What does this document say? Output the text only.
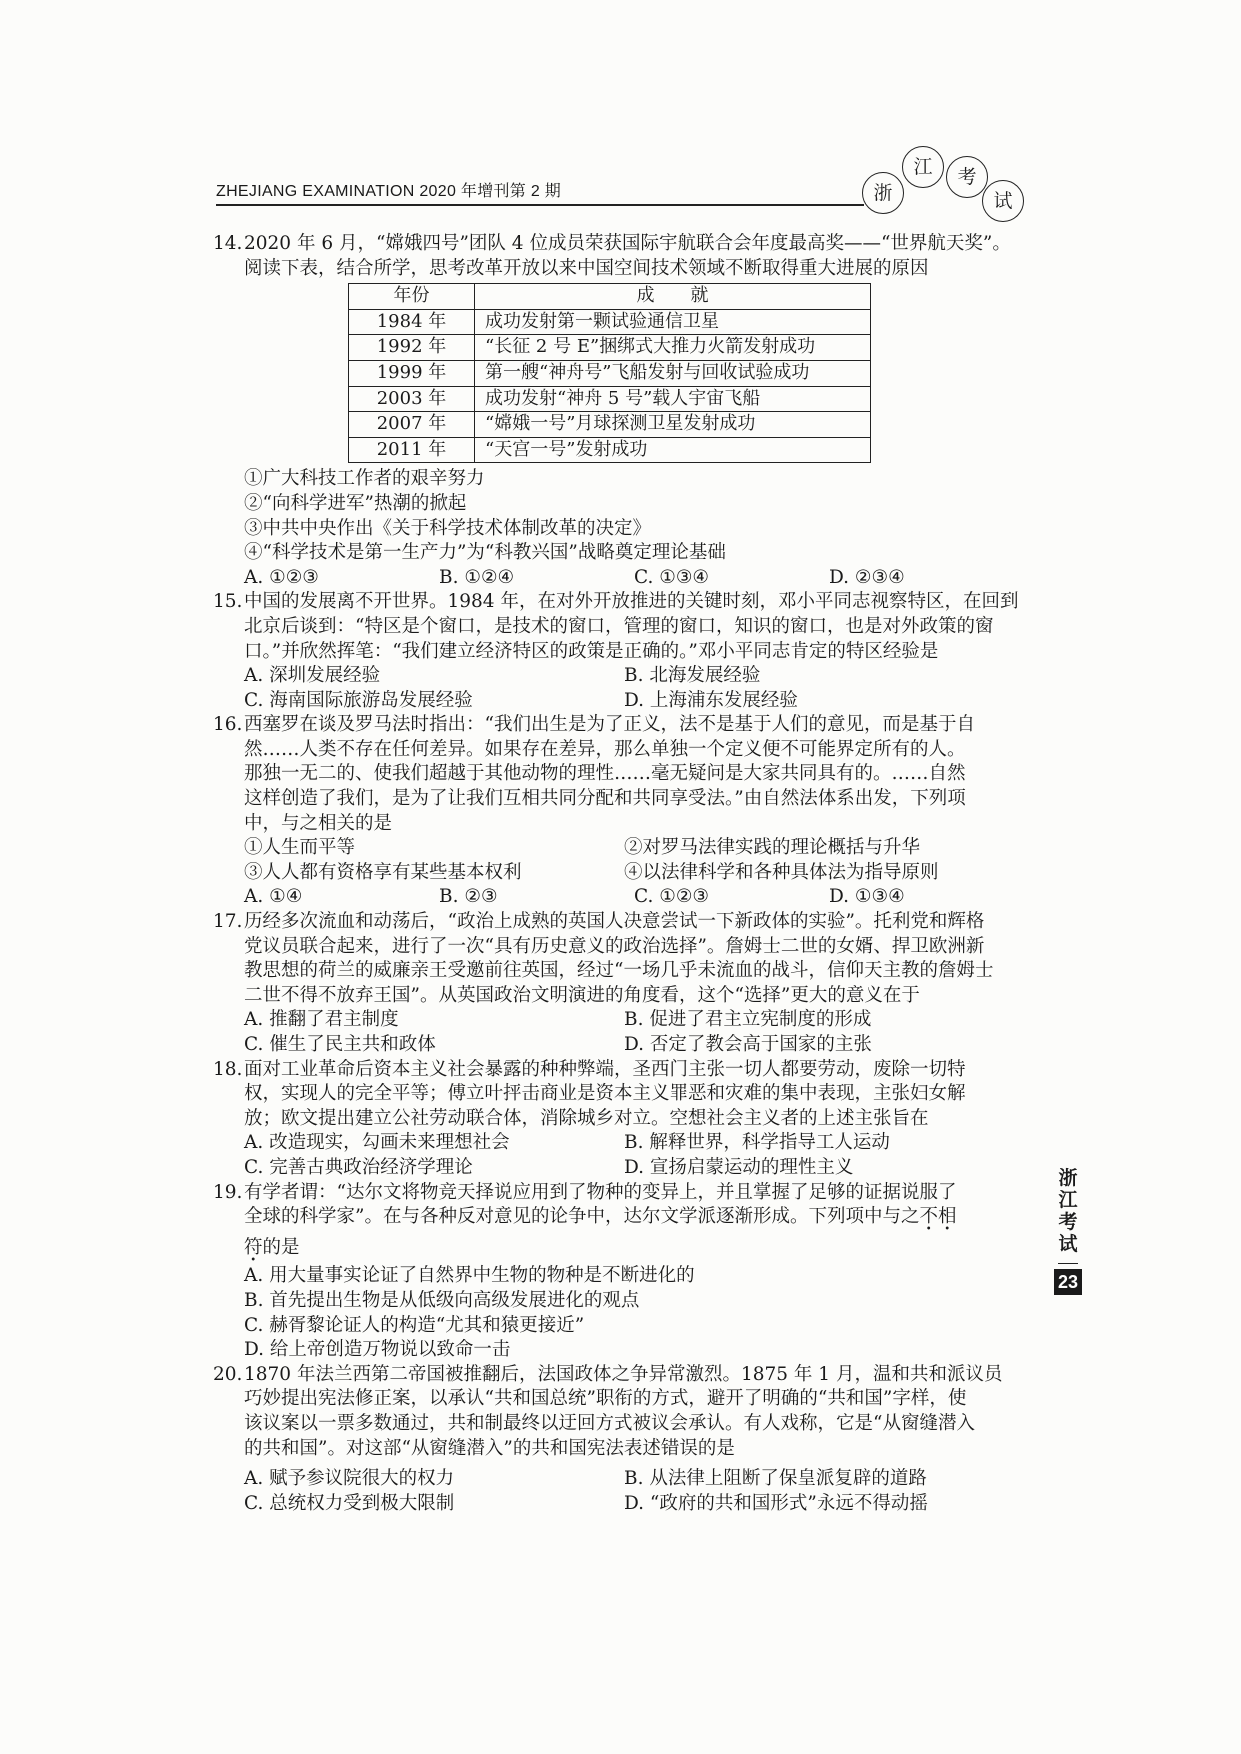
ZHEJIANG EXAMINATION 2020 年增刊第 2 期	浙
江	考
试
14. 2020 年 6 月，“嫦娥四号”团队 4 位成员荣获国际宇航联合会年度最高奖——“世界航天奖”。
阅读下表，结合所学，思考改革开放以来中国空间技术领域不断取得重大进展的原因
年份	成　　就
1984 年	成功发射第一颗试验通信卫星
1992 年	“长征 2 号 E”捆绑式大推力火箭发射成功
1999 年	第一艘“神舟号”飞船发射与回收试验成功
2003 年	成功发射“神舟 5 号”载人宇宙飞船
2007 年	“嫦娥一号”月球探测卫星发射成功
2011 年	“天宫一号”发射成功
①广大科技工作者的艰辛努力
②“向科学进军”热潮的掀起
③中共中央作出《关于科学技术体制改革的决定》
④“科学技术是第一生产力”为“科教兴国”战略奠定理论基础
A. ①②③	B. ①②④	C. ①③④	D. ②③④
15. 中国的发展离不开世界。1984 年，在对外开放推进的关键时刻，邓小平同志视察特区，在回到
北京后谈到：“特区是个窗口，是技术的窗口，管理的窗口，知识的窗口，也是对外政策的窗
口。”并欣然挥笔：“我们建立经济特区的政策是正确的。”邓小平同志肯定的特区经验是
A. 深圳发展经验	B. 北海发展经验
C. 海南国际旅游岛发展经验	D. 上海浦东发展经验
16. 西塞罗在谈及罗马法时指出：“我们出生是为了正义，法不是基于人们的意见，而是基于自
然……人类不存在任何差异。如果存在差异，那么单独一个定义便不可能界定所有的人。
那独一无二的、使我们超越于其他动物的理性……毫无疑问是大家共同具有的。……自然
这样创造了我们，是为了让我们互相共同分配和共同享受法。”由自然法体系出发，下列项
中，与之相关的是
①人生而平等	②对罗马法律实践的理论概括与升华
③人人都有资格享有某些基本权利	④以法律科学和各种具体法为指导原则
A. ①④	B. ②③	C. ①②③	D. ①③④
17. 历经多次流血和动荡后，“政治上成熟的英国人决意尝试一下新政体的实验”。托利党和辉格
党议员联合起来，进行了一次“具有历史意义的政治选择”。詹姆士二世的女婿、捍卫欧洲新
教思想的荷兰的威廉亲王受邀前往英国，经过“一场几乎未流血的战斗，信仰天主教的詹姆士
二世不得不放弃王国”。从英国政治文明演进的角度看，这个“选择”更大的意义在于
A. 推翻了君主制度	B. 促进了君主立宪制度的形成
C. 催生了民主共和政体	D. 否定了教会高于国家的主张
18. 面对工业革命后资本主义社会暴露的种种弊端，圣西门主张一切人都要劳动，废除一切特
权，实现人的完全平等；傅立叶抨击商业是资本主义罪恶和灾难的集中表现，主张妇女解
放；欧文提出建立公社劳动联合体，消除城乡对立。空想社会主义者的上述主张旨在
A. 改造现实，勾画未来理想社会	B. 解释世界，科学指导工人运动
C. 完善古典政治经济学理论	D. 宣扬启蒙运动的理性主义
19. 有学者谓：“达尔文将物竞天择说应用到了物种的变异上，并且掌握了足够的证据说服了
全球的科学家”。在与各种反对意见的论争中，达尔文学派逐渐形成。下列项中与之不相
符的是
A. 用大量事实论证了自然界中生物的物种是不断进化的
B. 首先提出生物是从低级向高级发展进化的观点
C. 赫胥黎论证人的构造“尤其和猿更接近”
D. 给上帝创造万物说以致命一击
20. 1870 年法兰西第二帝国被推翻后，法国政体之争异常激烈。1875 年 1 月，温和共和派议员
巧妙提出宪法修正案，以承认“共和国总统”职衔的方式，避开了明确的“共和国”字样，使
该议案以一票多数通过，共和制最终以迂回方式被议会承认。有人戏称，它是“从窗缝潜入
的共和国”。对这部“从窗缝潜入”的共和国宪法表述错误的是
A. 赋予参议院很大的权力	B. 从法律上阻断了保皇派复辟的道路
C. 总统权力受到极大限制	D. “政府的共和国形式”永远不得动摇
浙
江
考
试
23
